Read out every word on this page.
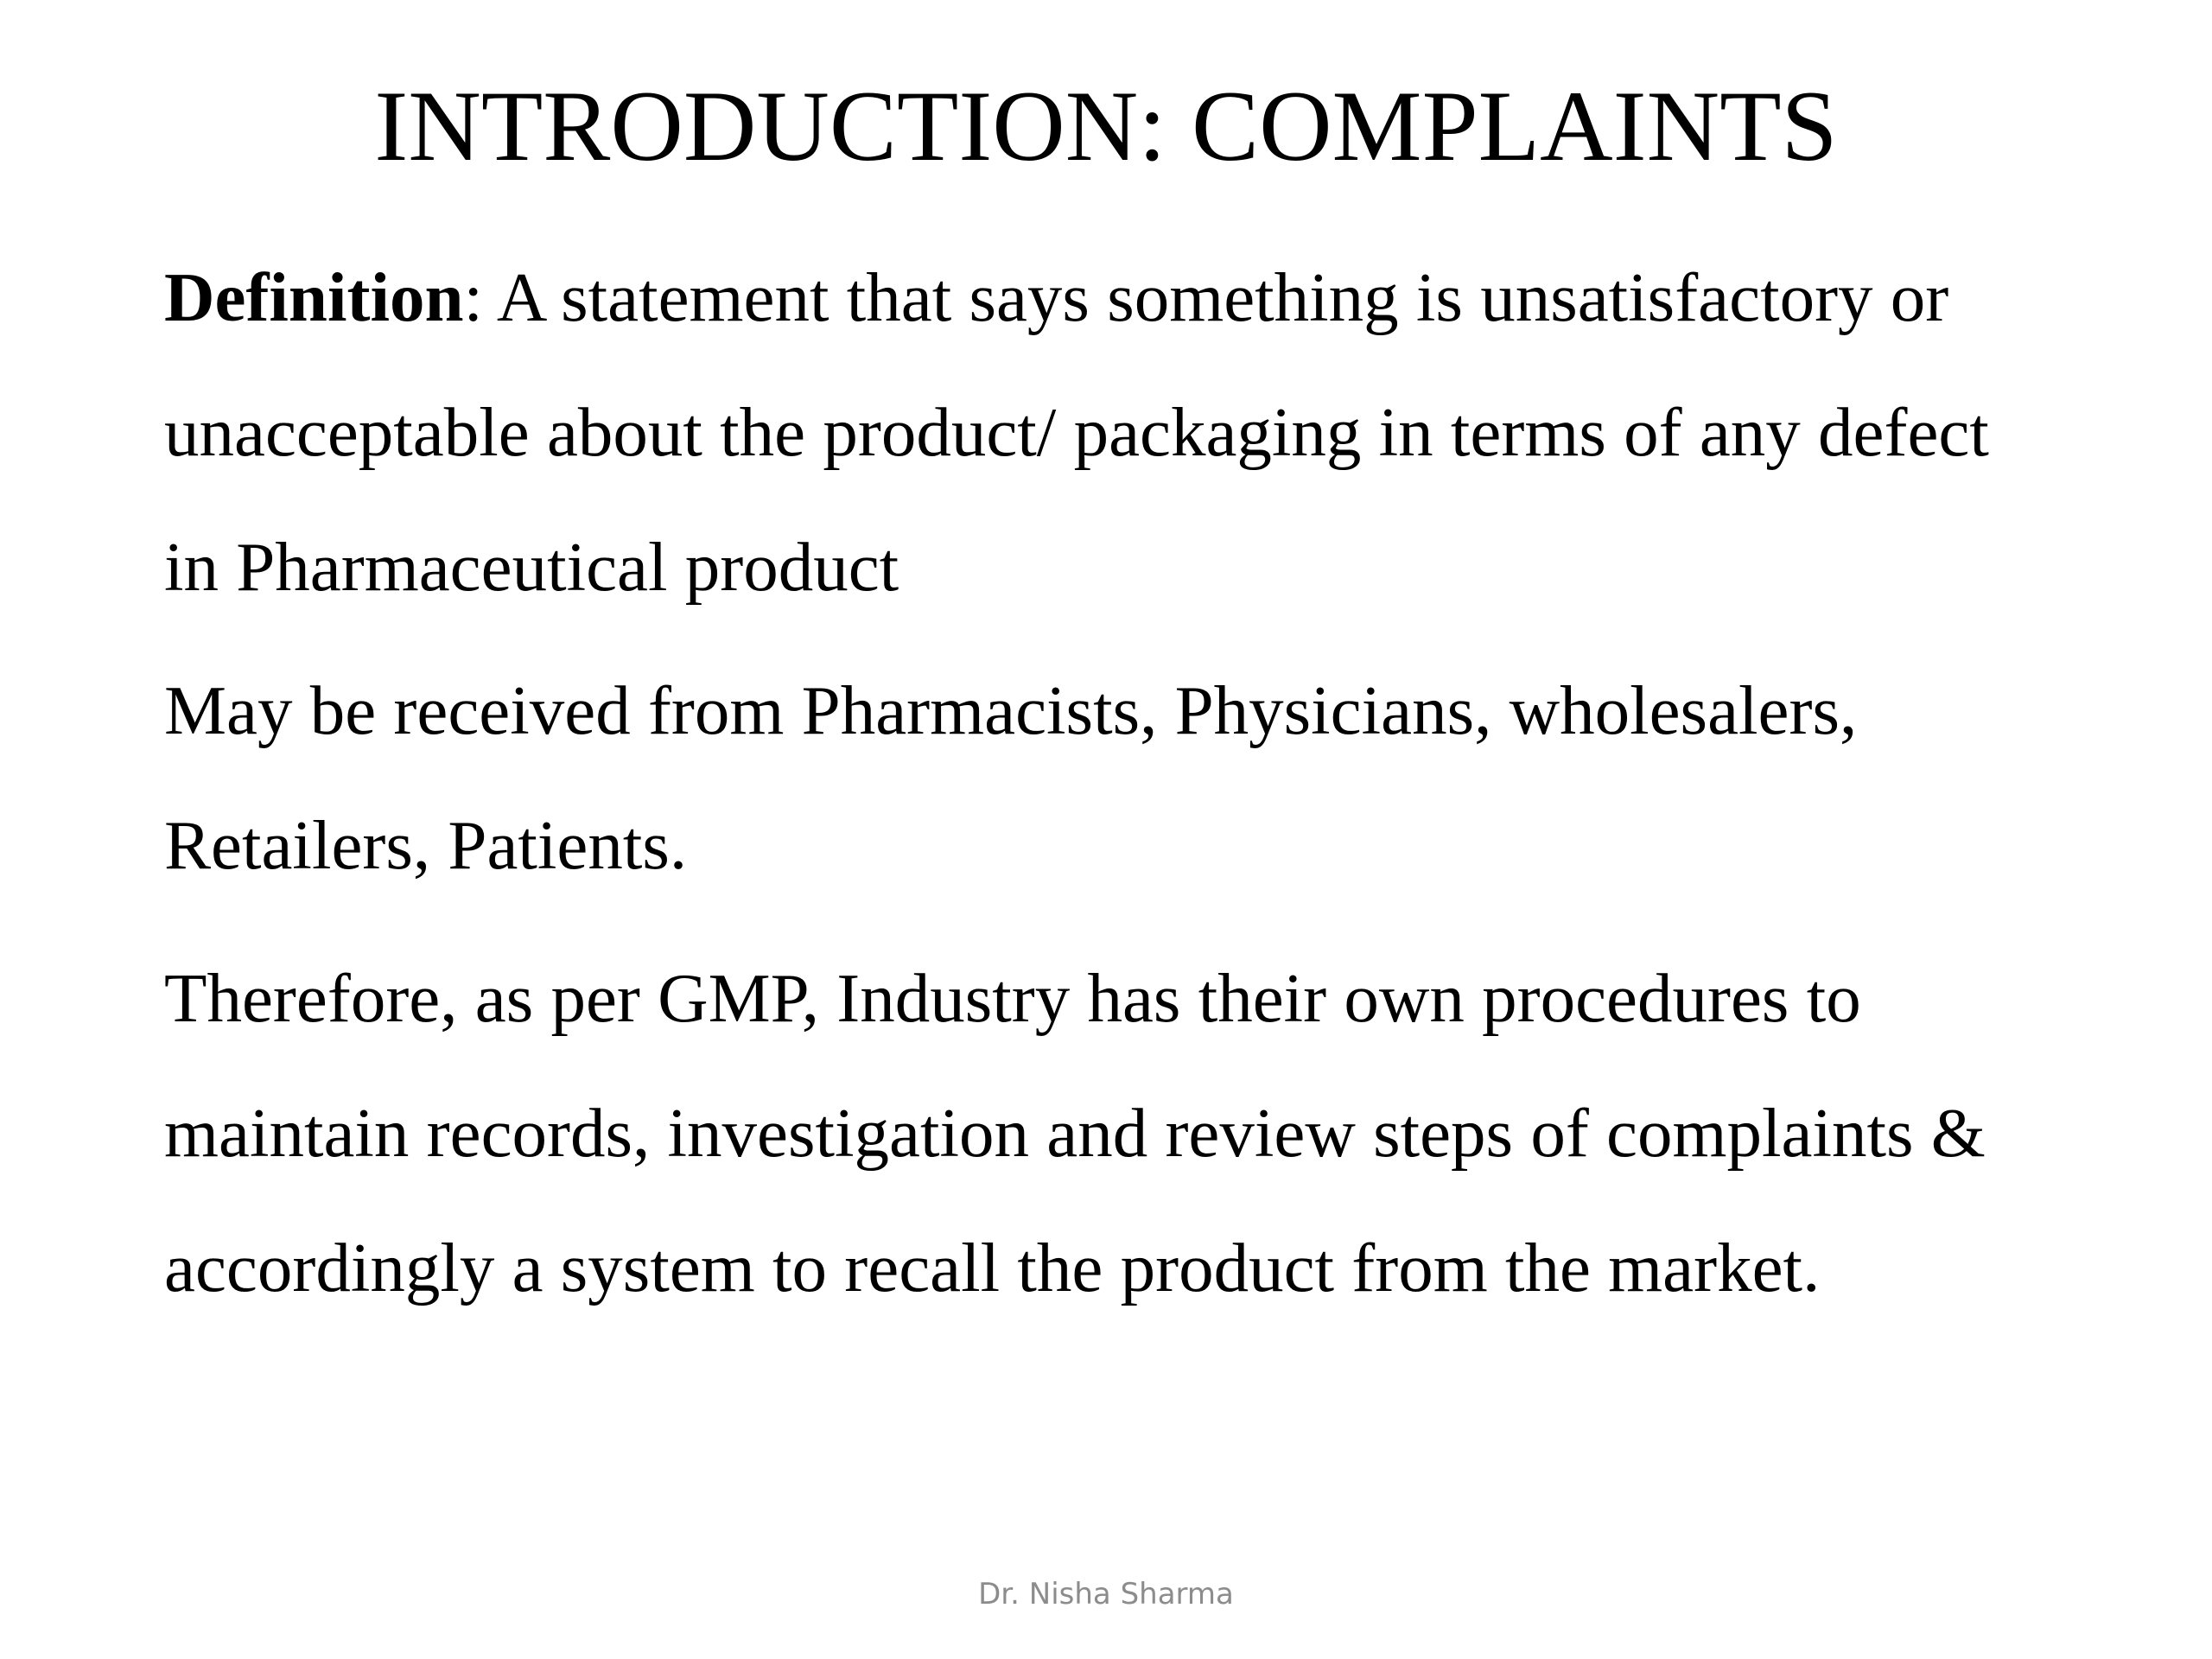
INTRODUCTION: COMPLAINTS

Definition: A statement that says something is unsatisfactory or
unacceptable about the product/ packaging in terms of any defect
in Pharmaceutical product

May be received from Pharmacists, Physicians, wholesalers,
Retailers, Patients.

Therefore, as per GMP, Industry has their own procedures to
maintain records, investigation and review steps of complaints &
accordingly a system to recall the product from the market.

Dr. Nisha Sharma
